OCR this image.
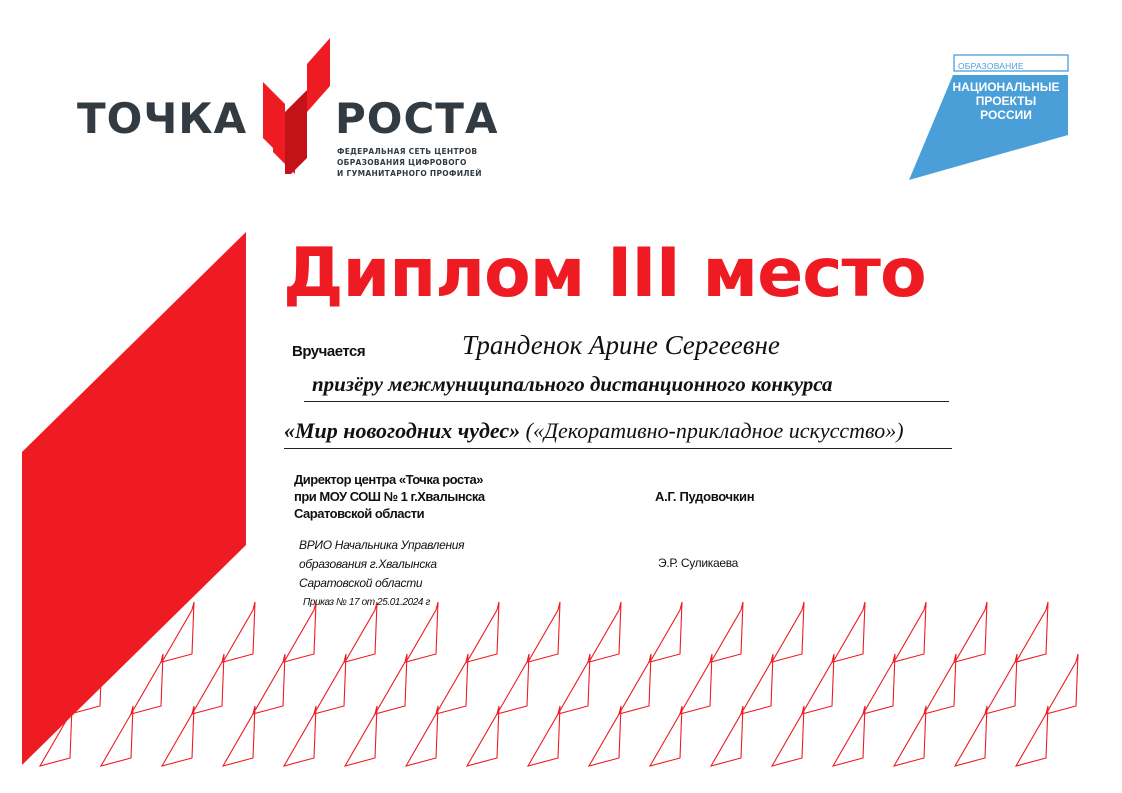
ТОЧКА РОСТА
ФЕДЕРАЛЬНАЯ СЕТЬ ЦЕНТРОВ
ОБРАЗОВАНИЯ ЦИФРОВОГО
И ГУМАНИТАРНОГО ПРОФИЛЕЙ
ОБРАЗОВАНИЕ
НАЦИОНАЛЬНЫЕ
ПРОЕКТЫ
РОССИИ
Диплом III место
Вручается	Транденок Арине Сергеевне
призёру межмуниципального дистанционного конкурса
«Мир новогодних чудес» («Декоративно-прикладное искусство»)
Директор центра «Точка роста»
при МОУ СОШ № 1 г.Хвалынска
Саратовской области
А.Г. Пудовочкин
ВРИО Начальника Управления
образования г.Хвалынска
Саратовской области
Э.Р. Суликаева
Приказ № 17 от 25.01.2024 г
